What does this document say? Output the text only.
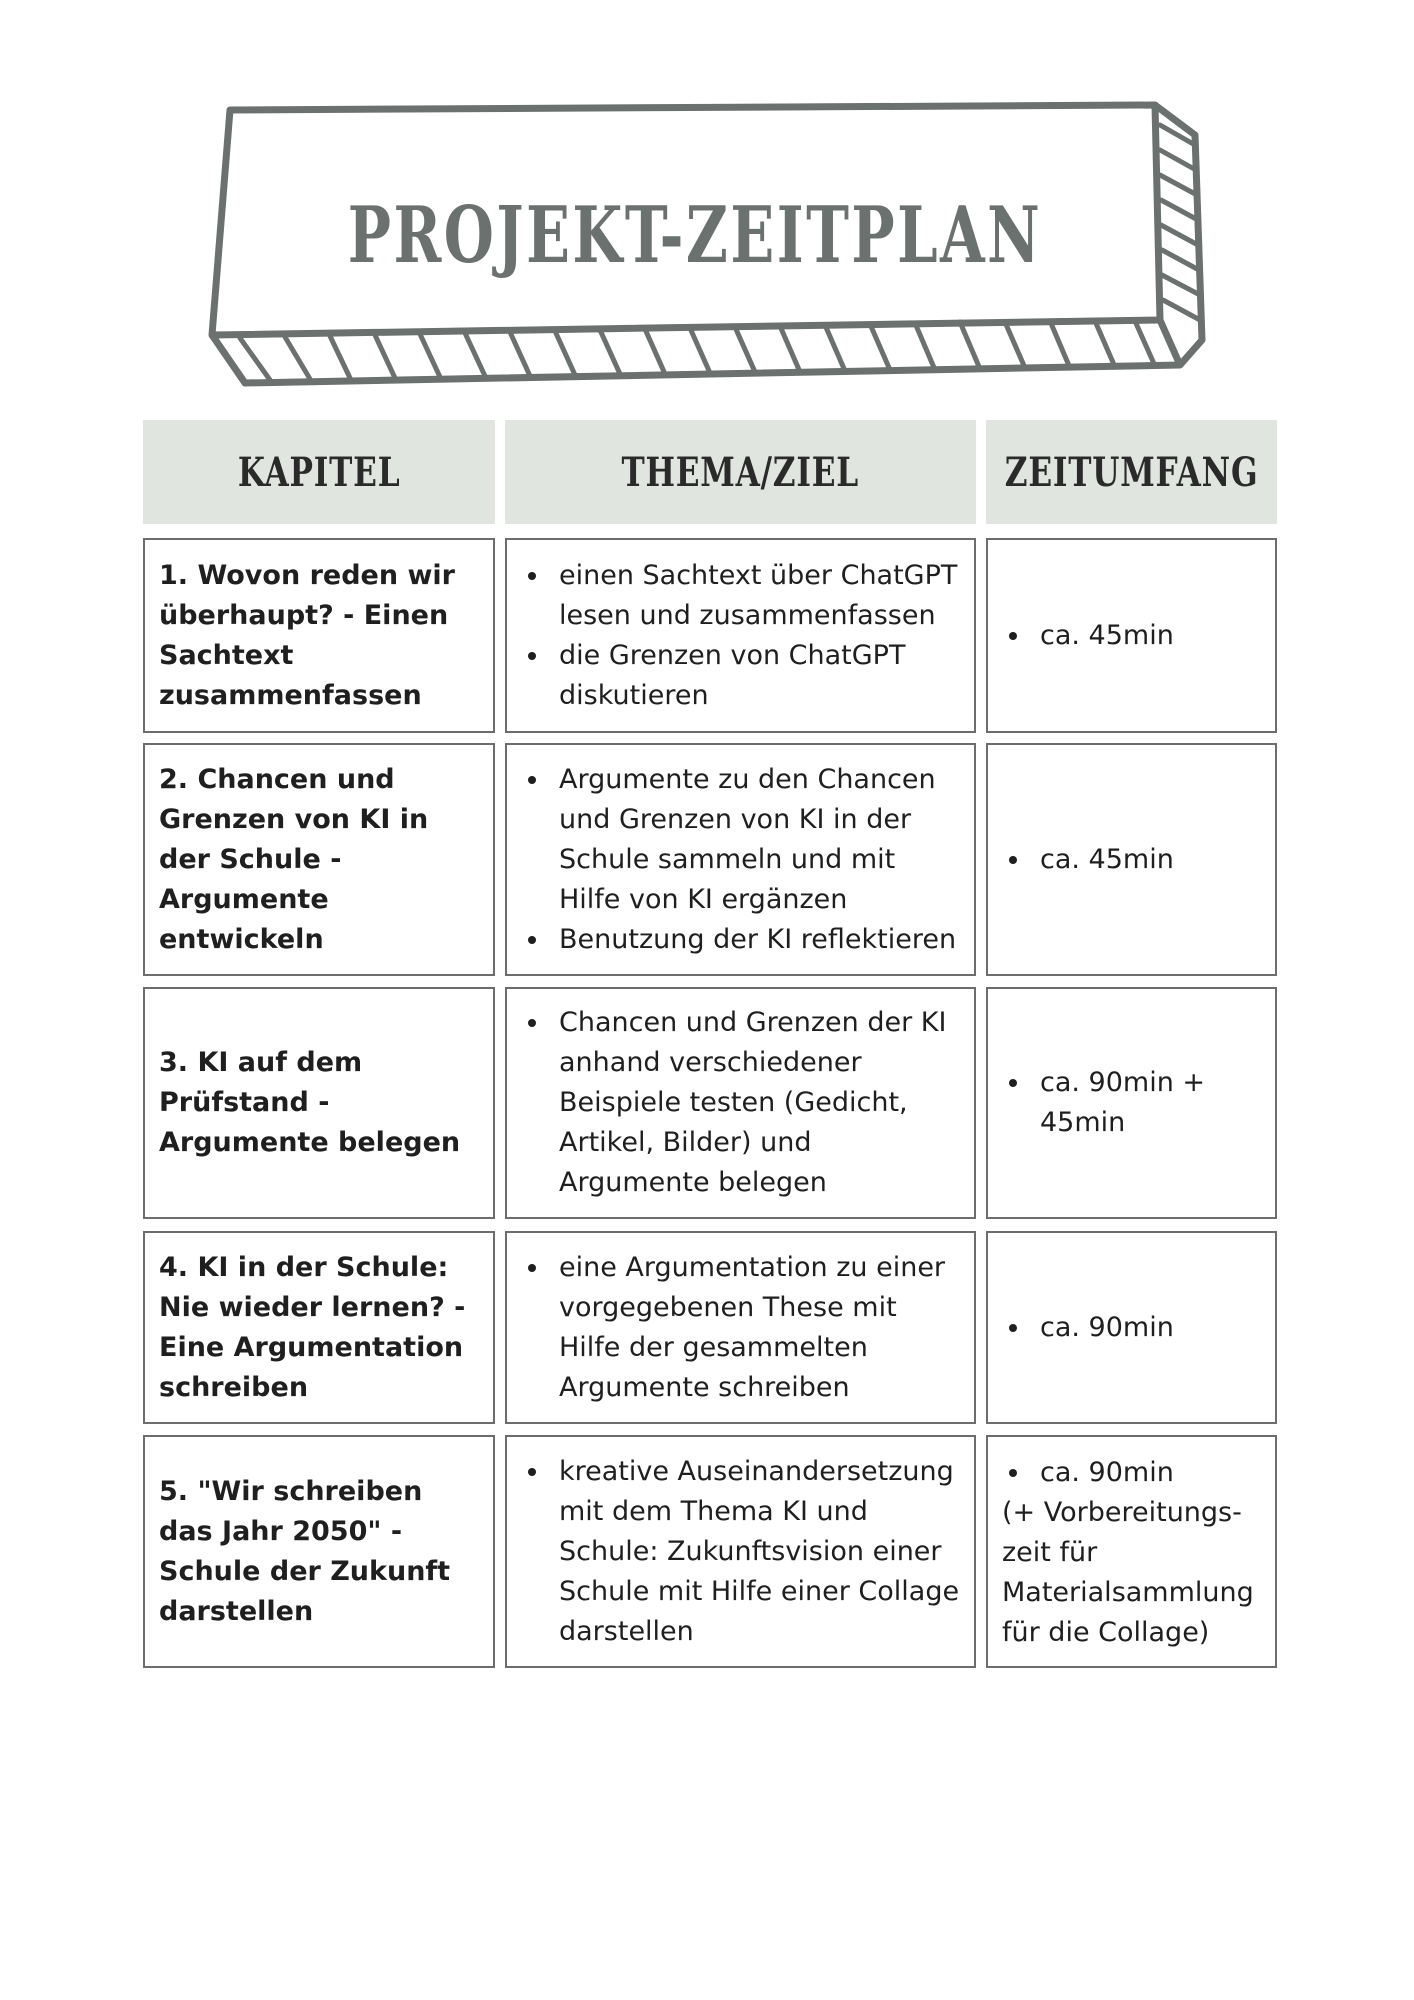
PROJEKT-ZEITPLAN
KAPITEL	THEMA/ZIEL	ZEITUMFANG
1. Wovon reden wir überhaupt? - Einen Sachtext zusammenfassen
• einen Sachtext über ChatGPT lesen und zusammenfassen
• die Grenzen von ChatGPT diskutieren
• ca. 45min
2. Chancen und Grenzen von KI in der Schule - Argumente entwickeln
• Argumente zu den Chancen und Grenzen von KI in der Schule sammeln und mit Hilfe von KI ergänzen
• Benutzung der KI reflektieren
• ca. 45min
3. KI auf dem Prüfstand - Argumente belegen
• Chancen und Grenzen der KI anhand verschiedener Beispiele testen (Gedicht, Artikel, Bilder) und Argumente belegen
• ca. 90min + 45min
4. KI in der Schule: Nie wieder lernen? - Eine Argumentation schreiben
• eine Argumentation zu einer vorgegebenen These mit Hilfe der gesammelten Argumente schreiben
• ca. 90min
5. "Wir schreiben das Jahr 2050" - Schule der Zukunft darstellen
• kreative Auseinandersetzung mit dem Thema KI und Schule: Zukunftsvision einer Schule mit Hilfe einer Collage darstellen
• ca. 90min
(+ Vorbereitungs-zeit für Materialsammlung für die Collage)
